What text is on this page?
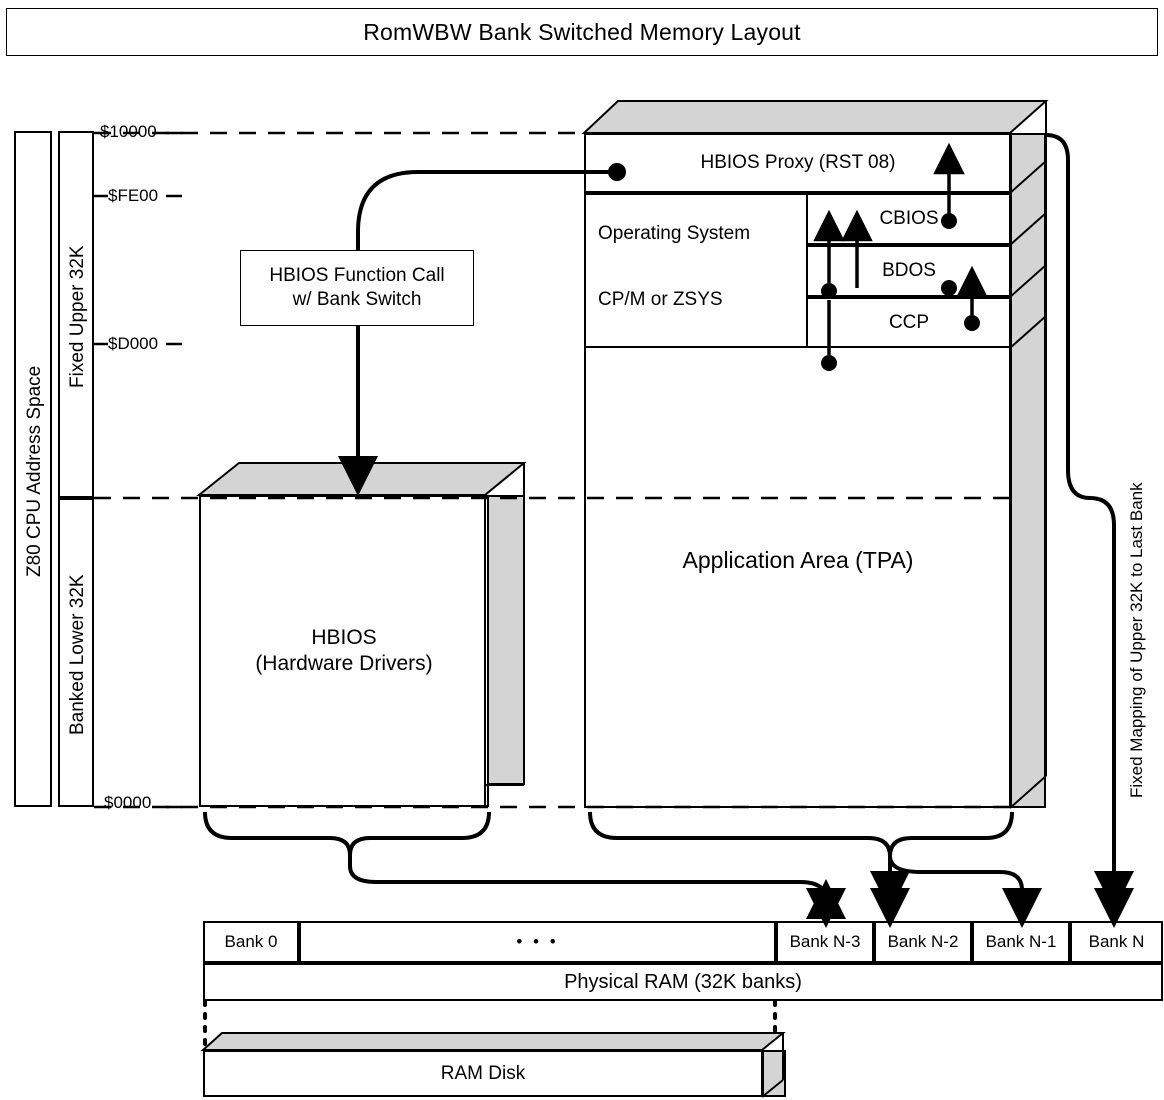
RomWBW Bank Switched Memory Layout
Z80 CPU Address Space
Fixed Upper 32K
Banked Lower 32K
$10000
$FE00
$D000
$0000
HBIOS Function Call
w/ Bank Switch
HBIOS
(Hardware Drivers)
HBIOS Proxy (RST 08)
Operating System
CP/M or ZSYS
CBIOS
BDOS
CCP
Application Area (TPA)	Fixed Mapping of Upper 32K to Last Bank
Bank 0	• • •	Bank N-3 Bank N-2 Bank N-1 Bank N
Physical RAM (32K banks)
RAM Disk
